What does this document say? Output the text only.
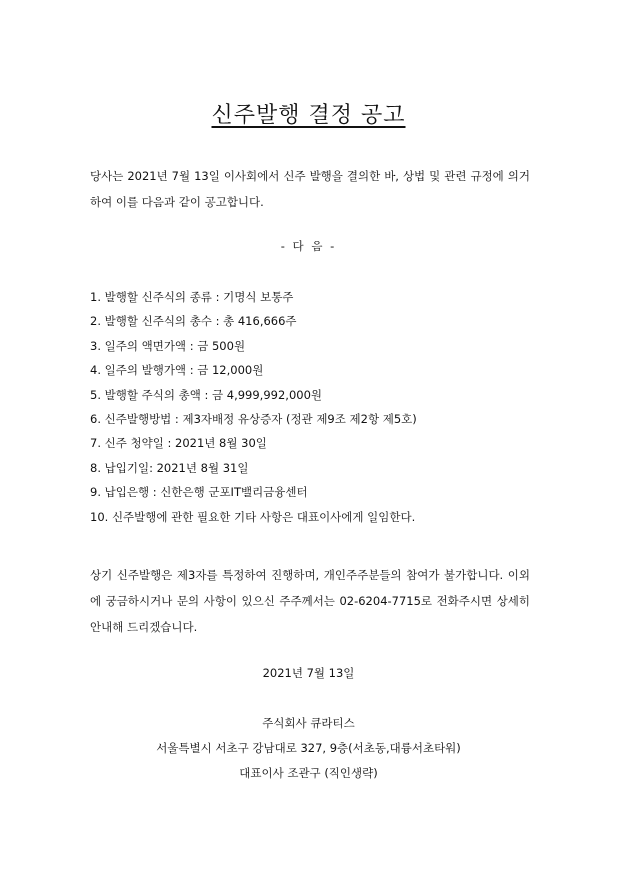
신주발행 결정 공고
당사는 2021년 7월 13일 이사회에서 신주 발행을 결의한 바, 상법 및 관련 규정에 의거하여 이를 다음과 같이 공고합니다.
- 다 음 -
1. 발행할 신주식의 종류 : 기명식 보통주
2. 발행할 신주식의 총수 : 총 416,666주
3. 일주의 액면가액 : 금 500원
4. 일주의 발행가액 : 금 12,000원
5. 발행할 주식의 총액 : 금 4,999,992,000원
6. 신주발행방법 : 제3자배정 유상증자 (정관 제9조 제2항 제5호)
7. 신주 청약일 : 2021년 8월 30일
8. 납입기일: 2021년 8월 31일
9. 납입은행 : 신한은행 군포IT밸리금융센터
10. 신주발행에 관한 필요한 기타 사항은 대표이사에게 일임한다.
상기 신주발행은 제3자를 특정하여 진행하며, 개인주주분들의 참여가 불가합니다. 이외에 궁금하시거나 문의 사항이 있으신 주주께서는 02-6204-7715로 전화주시면 상세히 안내해 드리겠습니다.
2021년 7월 13일
주식회사 큐라티스
서울특별시 서초구 강남대로 327, 9층(서초동,대륭서초타워)
대표이사 조관구 (직인생략)
